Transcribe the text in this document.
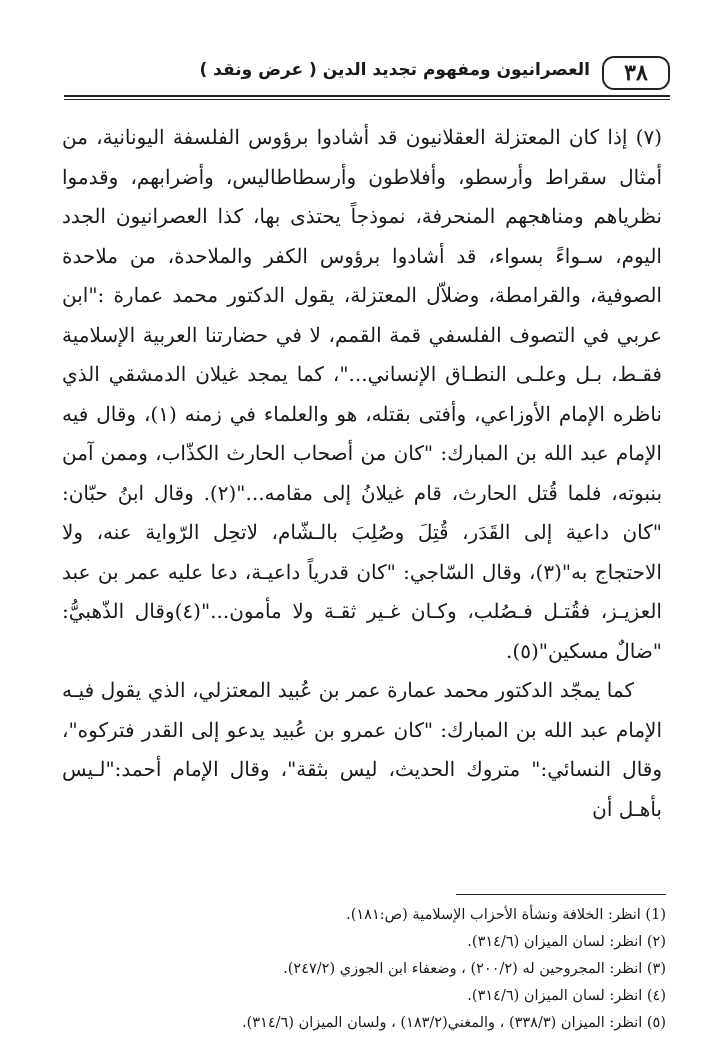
٣٨
العصرانيون ومفهوم تجديد الدين ( عرض ونقد )

(٧) إذا كان المعتزلة العقلانيون قد أشادوا برؤوس الفلسفة اليونانية، من أمثال سقراط وأرسطو، وأفلاطون وأرسطاطاليس، وأضرابهم، وقدموا نظرياهم ومناهجهم المنحرفة، نموذجاً يحتذى بها، كذا العصرانيون الجدد اليوم، سـواءً بسواء، قد أشادوا برؤوس الكفر والملاحدة، من ملاحدة الصوفية، والقرامطة، وضلاّل المعتزلة، يقول الدكتور محمد عمارة :"ابن عربي في التصوف الفلسفي قمة القمم، لا في حضارتنا العربية الإسلامية فقـط، بـل وعلـى النطـاق الإنساني..."، كما يمجد غيلان الدمشقي الذي ناظره الإمام الأوزاعي، وأفتى بقتله، هو والعلماء في زمنه (١)، وقال فيه الإمام عبد الله بن المبارك: "كان من أصحاب الحارث الكذّاب، وممن آمن بنبوته، فلما قُتل الحارث، قام غيلانُ إلى مقامه..."(٢). وقال ابنُ حبّان: "كان داعية إلى القَدَر، قُتِلَ وصُلِبَ بالـشّام، لاتحِل الرّواية عنه، ولا الاحتجاج به"(٣)، وقال السّاجي: "كان قدرياً داعيـة، دعا عليه عمر بن عبد العزيـز، فقُتـل فـصُلب، وكـان غـير ثقـة ولا مأمون..."(٤)وقال الذّهبيُّ: "ضالٌ مسكين"(٥).

كما يمجّد الدكتور محمد عمارة عمر بن عُبيد المعتزلي، الذي يقول فيـه الإمام عبد الله بن المبارك: "كان عمرو بن عُبيد يدعو إلى القدر فتركوه"، وقال النسائي:" متروك الحديث، ليس بثقة"، وقال الإمام أحمد:"لـيس بأهـل أن

(1) انظر: الخلافة ونشأة الأحزاب الإسلامية (ص:١٨١).
(٢) انظر: لسان الميزان (٣١٤/٦).
(٣) انظر: المجروحين له (٢٠٠/٢) ، وضعفاء ابن الجوزي (٢٤٧/٢).
(٤) انظر: لسان الميزان (٣١٤/٦).
(٥) انظر: الميزان (٣٣٨/٣) ، والمغني(١٨٣/٢) ، ولسان الميزان (٣١٤/٦).
